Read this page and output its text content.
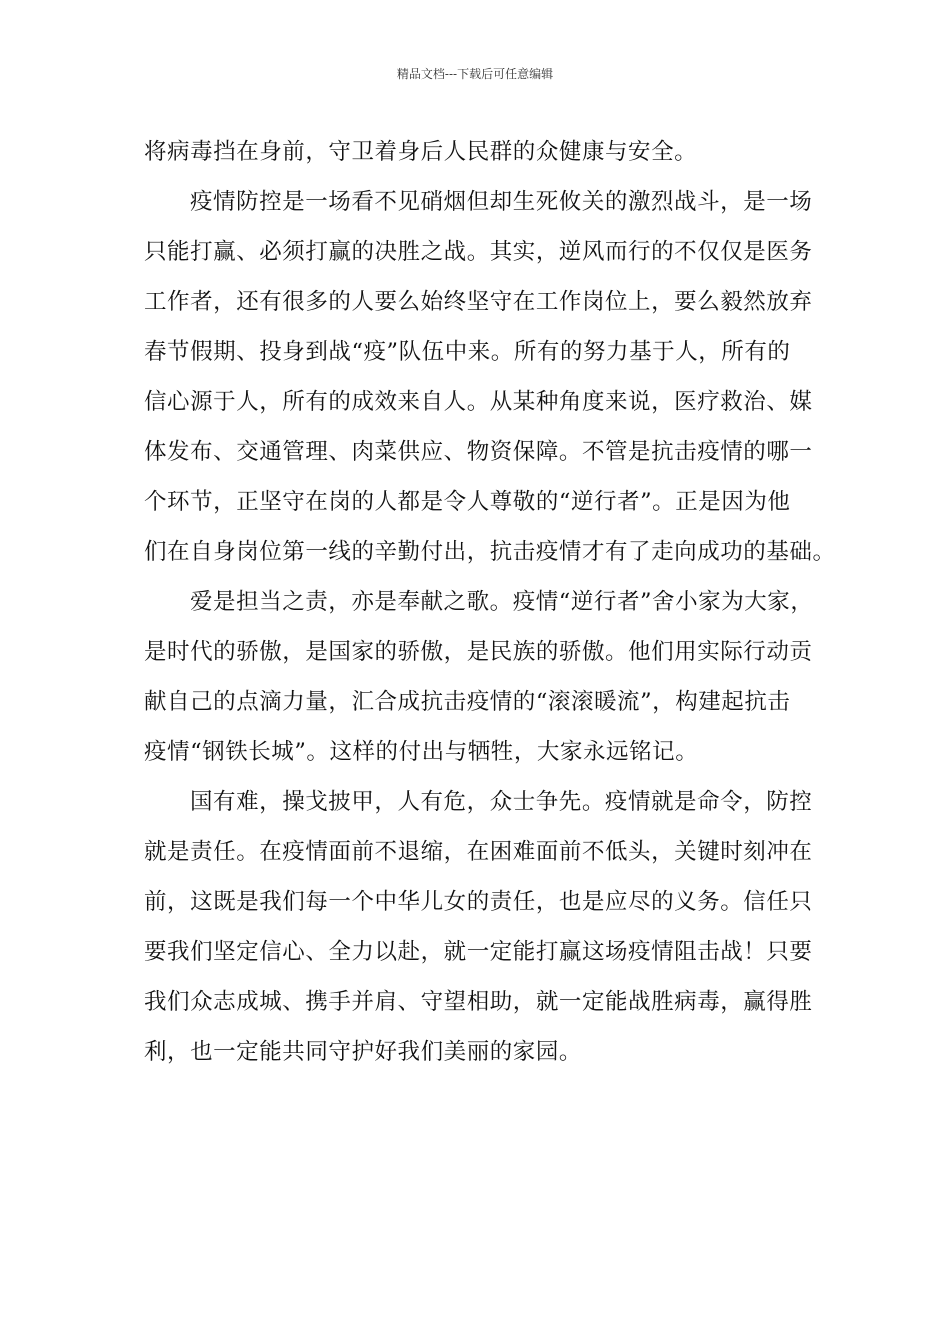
精品文档---下载后可任意编辑
将病毒挡在身前，守卫着身后人民群的众健康与安全。
疫情防控是一场看不见硝烟但却生死攸关的激烈战斗，是一场
只能打赢、必须打赢的决胜之战。其实，逆风而行的不仅仅是医务
工作者，还有很多的人要么始终坚守在工作岗位上，要么毅然放弃
春节假期、投身到战“疫”队伍中来。所有的努力基于人，所有的
信心源于人，所有的成效来自人。从某种角度来说，医疗救治、媒
体发布、交通管理、肉菜供应、物资保障。不管是抗击疫情的哪一
个环节，正坚守在岗的人都是令人尊敬的“逆行者”。正是因为他
们在自身岗位第一线的辛勤付出，抗击疫情才有了走向成功的基础。
爱是担当之责，亦是奉献之歌。疫情“逆行者”舍小家为大家，
是时代的骄傲，是国家的骄傲，是民族的骄傲。他们用实际行动贡
献自己的点滴力量，汇合成抗击疫情的“滚滚暖流”，构建起抗击
疫情“钢铁长城”。这样的付出与牺牲，大家永远铭记。
国有难，操戈披甲，人有危，众士争先。疫情就是命令，防控
就是责任。在疫情面前不退缩，在困难面前不低头，关键时刻冲在
前，这既是我们每一个中华儿女的责任，也是应尽的义务。信任只
要我们坚定信心、全力以赴，就一定能打赢这场疫情阻击战！只要
我们众志成城、携手并肩、守望相助，就一定能战胜病毒，赢得胜
利，也一定能共同守护好我们美丽的家园。
